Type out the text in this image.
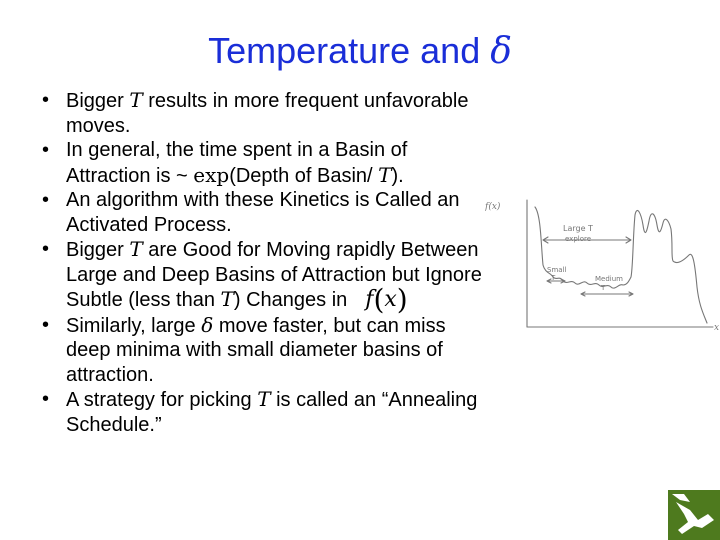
Temperature and δ
• Bigger T results in more frequent unfavorable moves.
• In general, the time spent in a Basin of Attraction is ~ exp(Depth of Basin/ T).
• An algorithm with these Kinetics is Called an Activated Process.
• Bigger T are Good for Moving rapidly Between Large and Deep Basins of Attraction but Ignore Subtle (less than T) Changes in f(x)
• Similarly, large δ move faster, but can miss deep minima with small diameter basins of attraction.
• A strategy for picking T is called an “Annealing Schedule.”
f(x)
x
Large T
explore
Small
T	Medium
T
